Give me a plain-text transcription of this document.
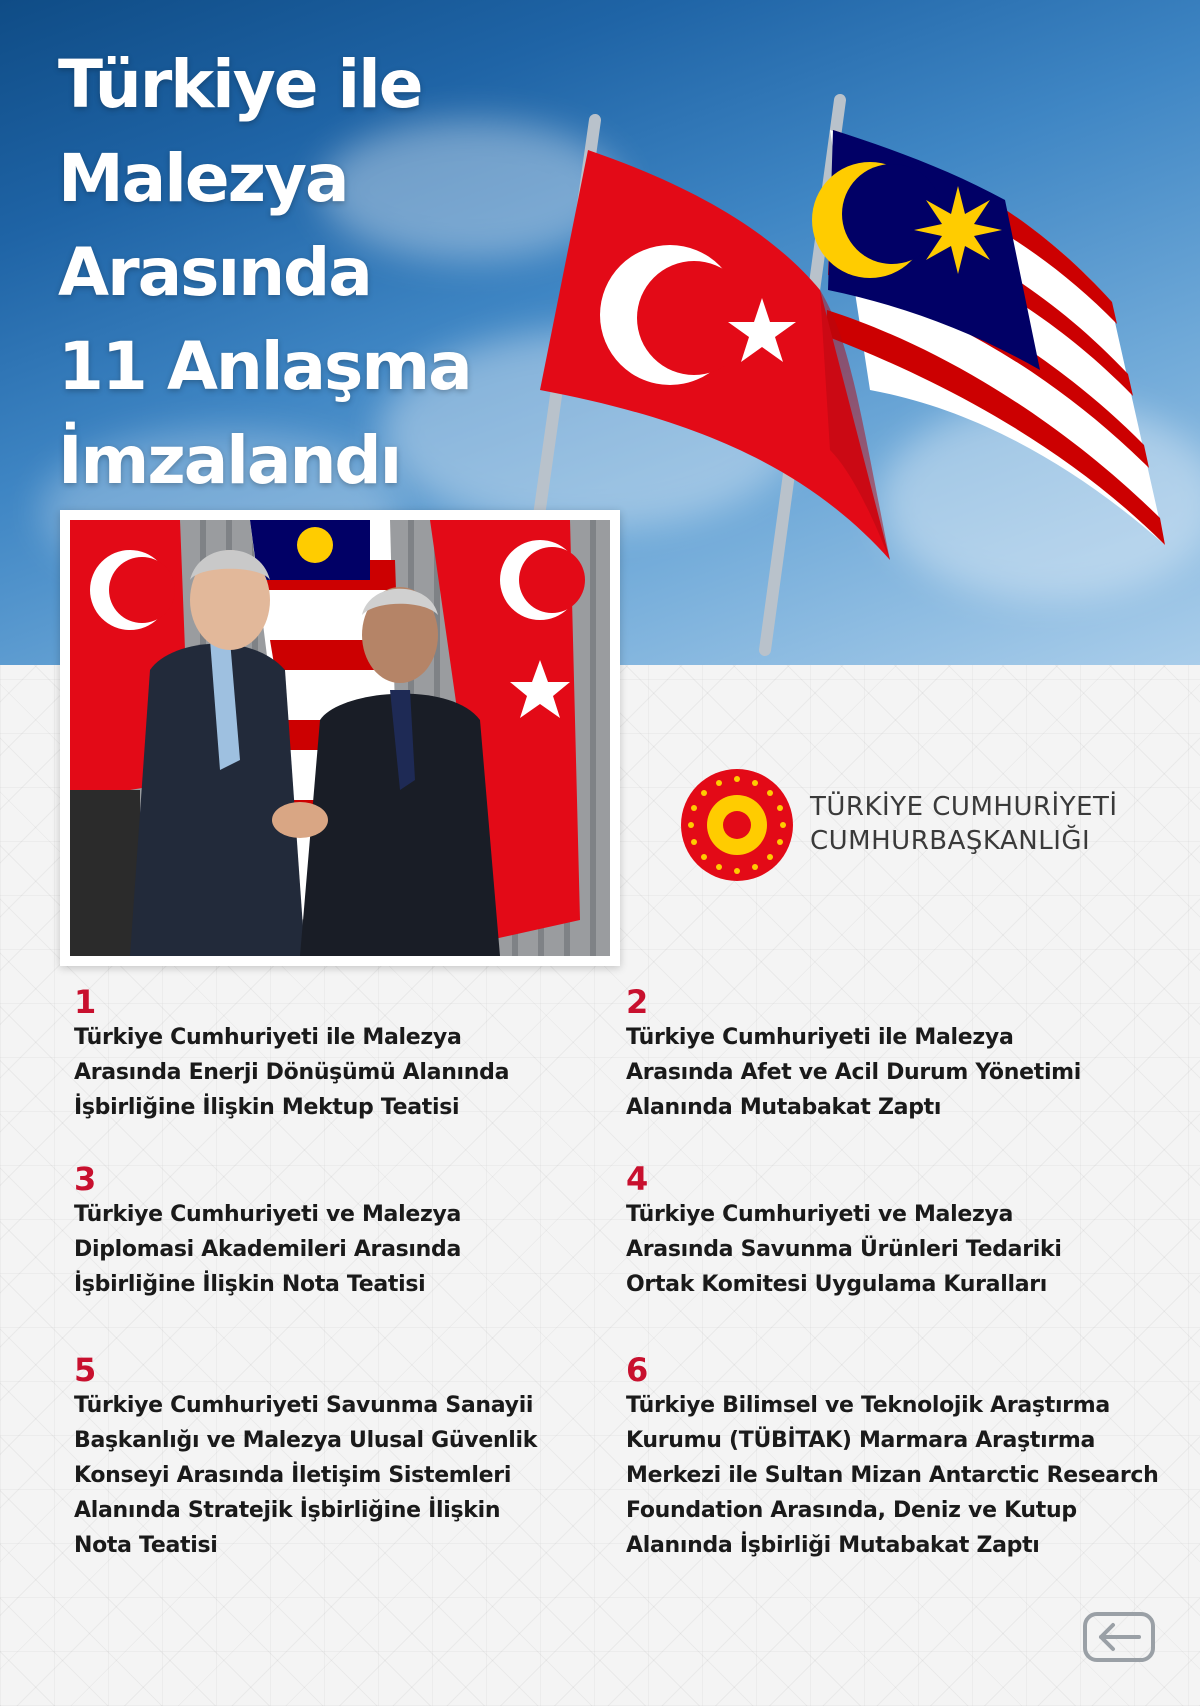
Türkiye ile
Malezya
Arasında
11 Anlaşma
İmzalandı
TÜRKİYE CUMHURİYETİ
CUMHURBAŞKANLIĞI
1
Türkiye Cumhuriyeti ile Malezya
Arasında Enerji Dönüşümü Alanında
İşbirliğine İlişkin Mektup Teatisi
2
Türkiye Cumhuriyeti ile Malezya
Arasında Afet ve Acil Durum Yönetimi
Alanında Mutabakat Zaptı
3
Türkiye Cumhuriyeti ve Malezya
Diplomasi Akademileri Arasında
İşbirliğine İlişkin Nota Teatisi
4
Türkiye Cumhuriyeti ve Malezya
Arasında Savunma Ürünleri Tedariki
Ortak Komitesi Uygulama Kuralları
5
Türkiye Cumhuriyeti Savunma Sanayii
Başkanlığı ve Malezya Ulusal Güvenlik
Konseyi Arasında İletişim Sistemleri
Alanında Stratejik İşbirliğine İlişkin
Nota Teatisi
6
Türkiye Bilimsel ve Teknolojik Araştırma
Kurumu (TÜBİTAK) Marmara Araştırma
Merkezi ile Sultan Mizan Antarctic Research
Foundation Arasında, Deniz ve Kutup
Alanında İşbirliği Mutabakat Zaptı
